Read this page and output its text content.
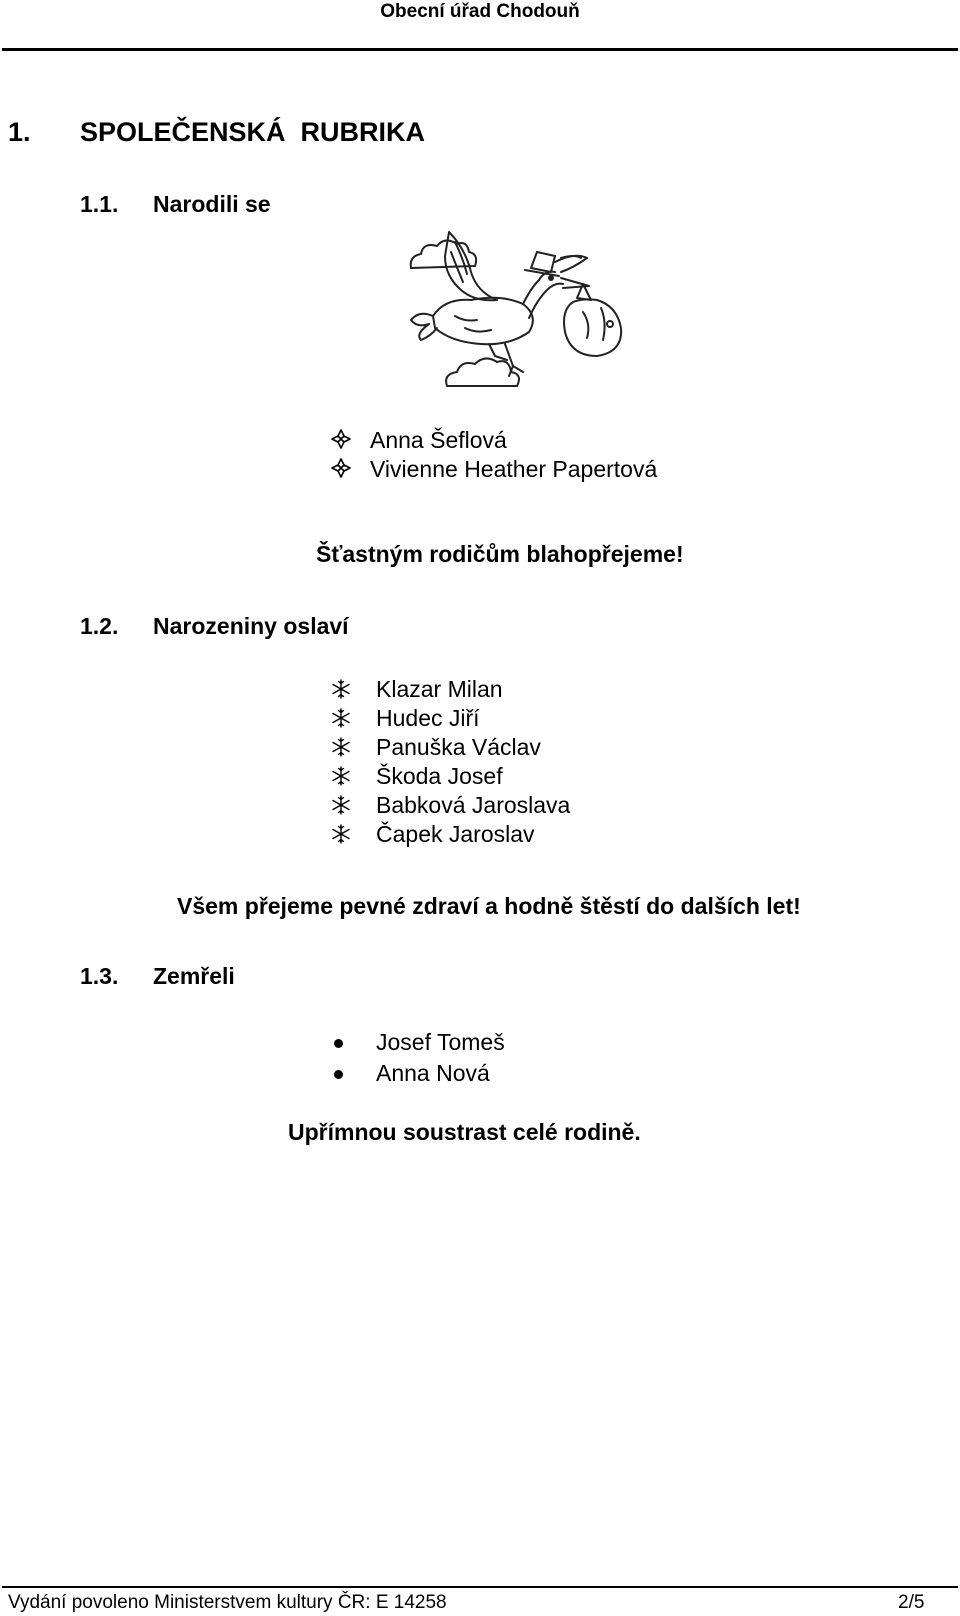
Obecní úřad Chodouň
1. SPOLEČENSKÁ  RUBRIKA
1.1. Narodili se
Anna Šeflová
Vivienne Heather Papertová
Šťastným rodičům blahopřejeme!
1.2. Narozeniny oslaví
Klazar Milan
Hudec Jiří
Panuška Václav
Škoda Josef
Babková Jaroslava
Čapek Jaroslav
Všem přejeme pevné zdraví a hodně štěstí do dalších let!
1.3. Zemřeli
Josef Tomeš
Anna Nová
Upřímnou soustrast celé rodině.
Vydání povoleno Ministerstvem kultury ČR: E 14258	2/5
